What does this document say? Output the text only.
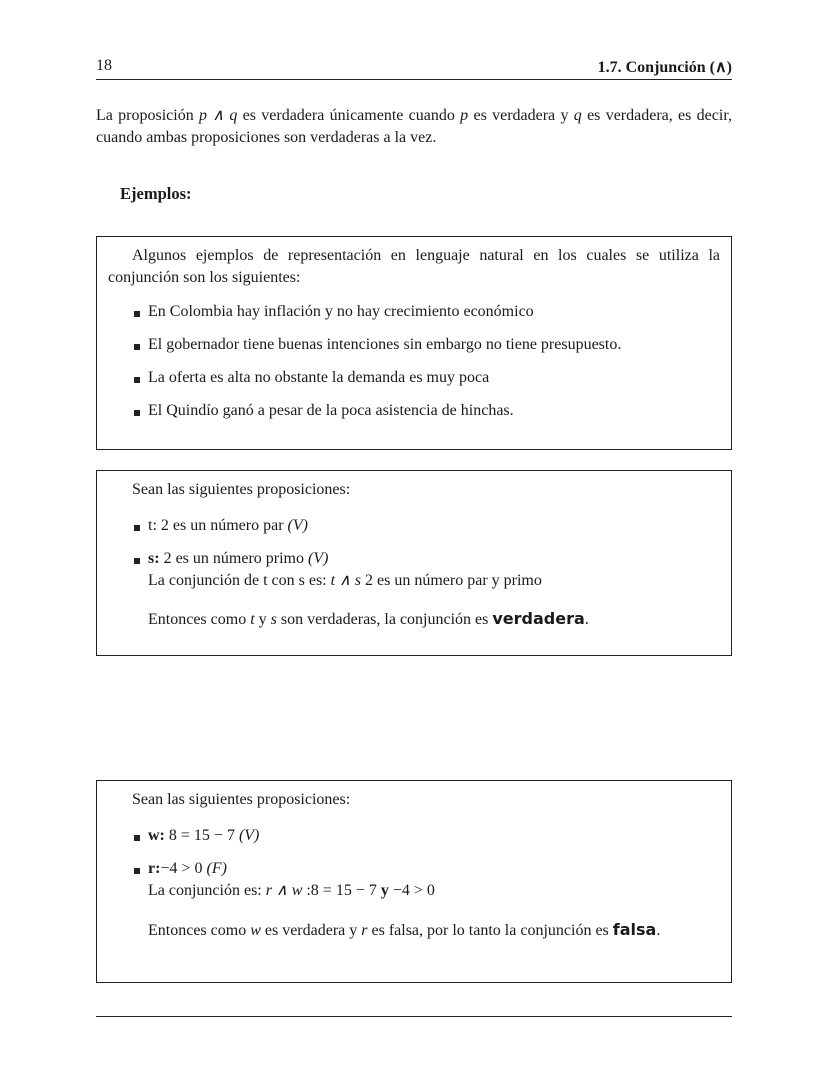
18	1.7. Conjunción (∧)
La proposición p ∧ q es verdadera únicamente cuando p es verdadera y q es verdadera, es decir, cuando ambas proposiciones son verdaderas a la vez.
Ejemplos:
Algunos ejemplos de representación en lenguaje natural en los cuales se utiliza la conjunción son los siguientes:
En Colombia hay inflación y no hay crecimiento económico
El gobernador tiene buenas intenciones sin embargo no tiene presupuesto.
La oferta es alta no obstante la demanda es muy poca
El Quindío ganó a pesar de la poca asistencia de hinchas.
Sean las siguientes proposiciones:
t: 2 es un número par (V)
s: 2 es un número primo (V)
La conjunción de t con s es: t ∧ s 2 es un número par y primo
Entonces como t y s son verdaderas, la conjunción es verdadera.
Sean las siguientes proposiciones:
w: 8 = 15 − 7 (V)
r:−4 > 0 (F)
La conjunción es: r ∧ w :8 = 15 − 7 y −4 > 0
Entonces como w es verdadera y r es falsa, por lo tanto la conjunción es falsa.
